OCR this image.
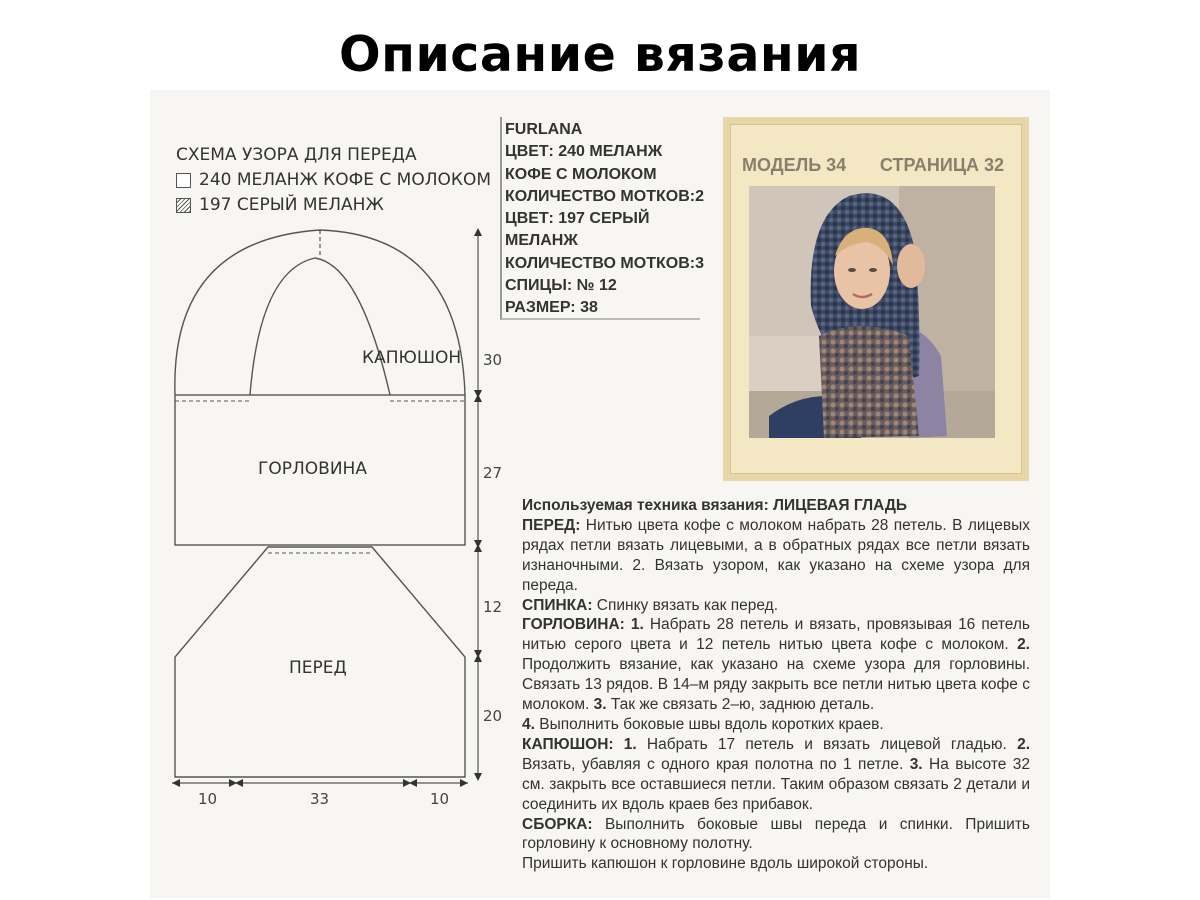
Описание вязания
СХЕМА УЗОРА ДЛЯ ПЕРЕДА
240 МЕЛАНЖ КОФЕ С МОЛОКОМ
197 СЕРЫЙ МЕЛАНЖ
FURLANA
ЦВЕТ: 240 МЕЛАНЖ
КОФЕ С МОЛОКОМ
КОЛИЧЕСТВО МОТКОВ:2
ЦВЕТ: 197 СЕРЫЙ
МЕЛАНЖ
КОЛИЧЕСТВО МОТКОВ:3
СПИЦЫ: № 12
РАЗМЕР: 38
МОДЕЛЬ 34 СТРАНИЦА 32
КАПЮШОН
ГОРЛОВИНА
ПЕРЕД
30
27
12
20
10	33	10

Используемая техника вязания: ЛИЦЕВАЯ ГЛАДЬ

ПЕРЕД: Нитью цвета кофе с молоком набрать 28 петель. В лицевых рядах петли вязать лицевыми, а в обратных рядах все петли вязать изнаночными. 2. Вязать узором, как указано на схеме узора для переда.

СПИНКА: Спинку вязать как перед.

ГОРЛОВИНА: 1. Набрать 28 петель и вязать, провязывая 16 петель нитью серого цвета и 12 петель нитью цвета кофе с молоком. 2. Продолжить вязание, как указано на схеме узора для горловины. Связать 13 рядов. В 14–м ряду закрыть все петли нитью цвета кофе с молоком. 3. Так же связать 2–ю, заднюю деталь.

4. Выполнить боковые швы вдоль коротких краев.

КАПЮШОН: 1. Набрать 17 петель и вязать лицевой гладью. 2. Вязать, убавляя с одного края полотна по 1 петле. 3. На высоте 32 см. закрыть все оставшиеся петли. Таким образом связать 2 детали и соединить их вдоль краев без прибавок.

СБОРКА: Выполнить боковые швы переда и спинки. Пришить горловину к основному полотну.

Пришить капюшон к горловине вдоль широкой стороны.
